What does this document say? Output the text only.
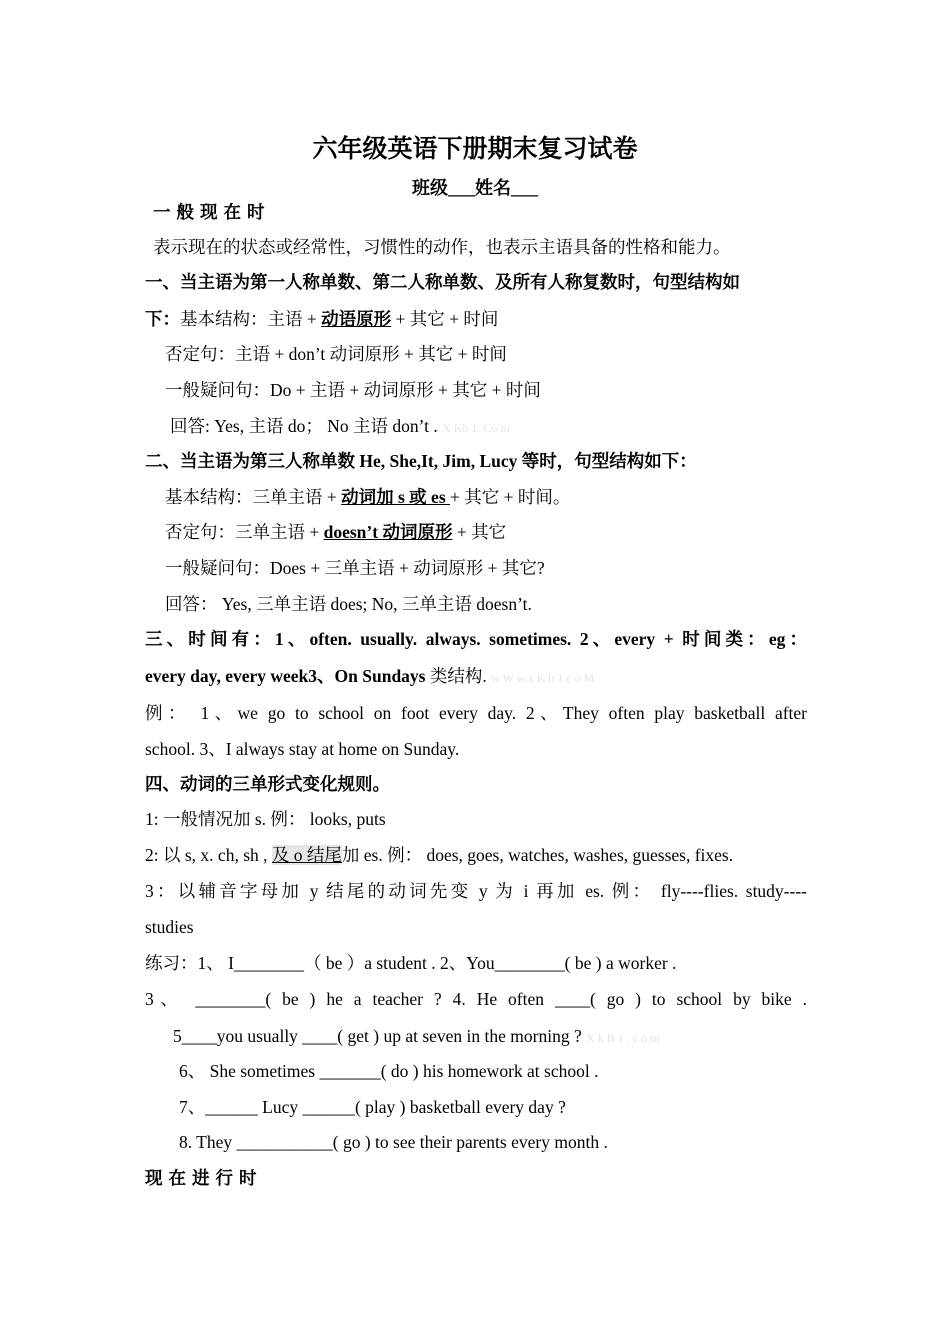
六年级英语下册期末复习试卷
班级___姓名___
一般现在时
表示现在的状态或经常性，习惯性的动作，也表示主语具备的性格和能力。
一、当主语为第一人称单数、第二人称单数、及所有人称复数时，句型结构如
下：基本结构：主语 + 动语原形 + 其它 + 时间
否定句：主语 + don’t 动词原形 + 其它 + 时间
一般疑问句：Do + 主语 + 动词原形 + 其它 + 时间
回答: Yes, 主语 do； No 主语 don’t . X Kb 1. Co m
二、当主语为第三人称单数 He, She,It, Jim, Lucy 等时，句型结构如下：
基本结构：三单主语 + 动词加 s 或 es + 其它 + 时间。
否定句：三单主语 + doesn’t 动词原形 + 其它
一般疑问句：Does + 三单主语 + 动词原形 + 其它?
回答： Yes, 三单主语 does; No, 三单主语 doesn’t.
三、时间有：1、often. usually. always. sometimes. 2、every + 时间类：eg：
every day, every week3、On Sundays 类结构. w W w.x K b 1.c o M
例： 1、we go to school on foot every day. 2、They often play basketball after
school. 3、I always stay at home on Sunday.
四、动词的三单形式变化规则。
1: 一般情况加 s. 例： looks, puts
2: 以 s, x. ch, sh , 及 o 结尾加 es. 例： does, goes, watches, washes, guesses, fixes.
3：以辅音字母加 y 结尾的动词先变 y 为 i 再加 es. 例： fly----flies. study----
studies
练习：1、 I________（ be ）a student . 2、You________( be ) a worker .
3、 ________( be ) he a teacher ? 4. He often ____( go ) to school by bike .
5____you usually ____( get ) up at seven in the morning ? X k B 1 . c o m
6、 She sometimes _______( do ) his homework at school .
7、______ Lucy ______( play ) basketball every day ?
8. They ___________( go ) to see their parents every month .
现在进行时
